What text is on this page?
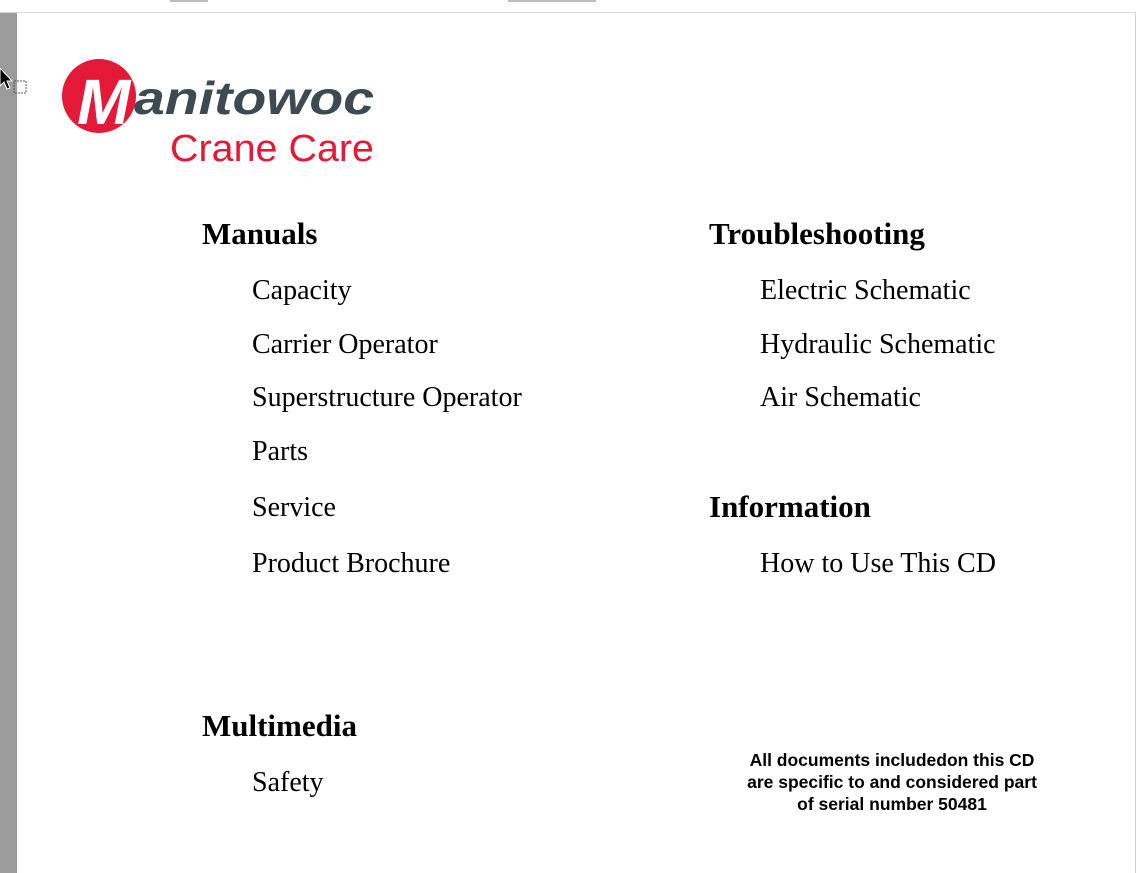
M anitowoc
Crane Care
Manuals
Capacity
Carrier Operator
Superstructure Operator
Parts
Service
Product Brochure
Troubleshooting
Electric Schematic
Hydraulic Schematic
Air Schematic
Information
How to Use This CD
Multimedia
Safety
All documents includedon this CD
are specific to and considered part
of serial number 50481
